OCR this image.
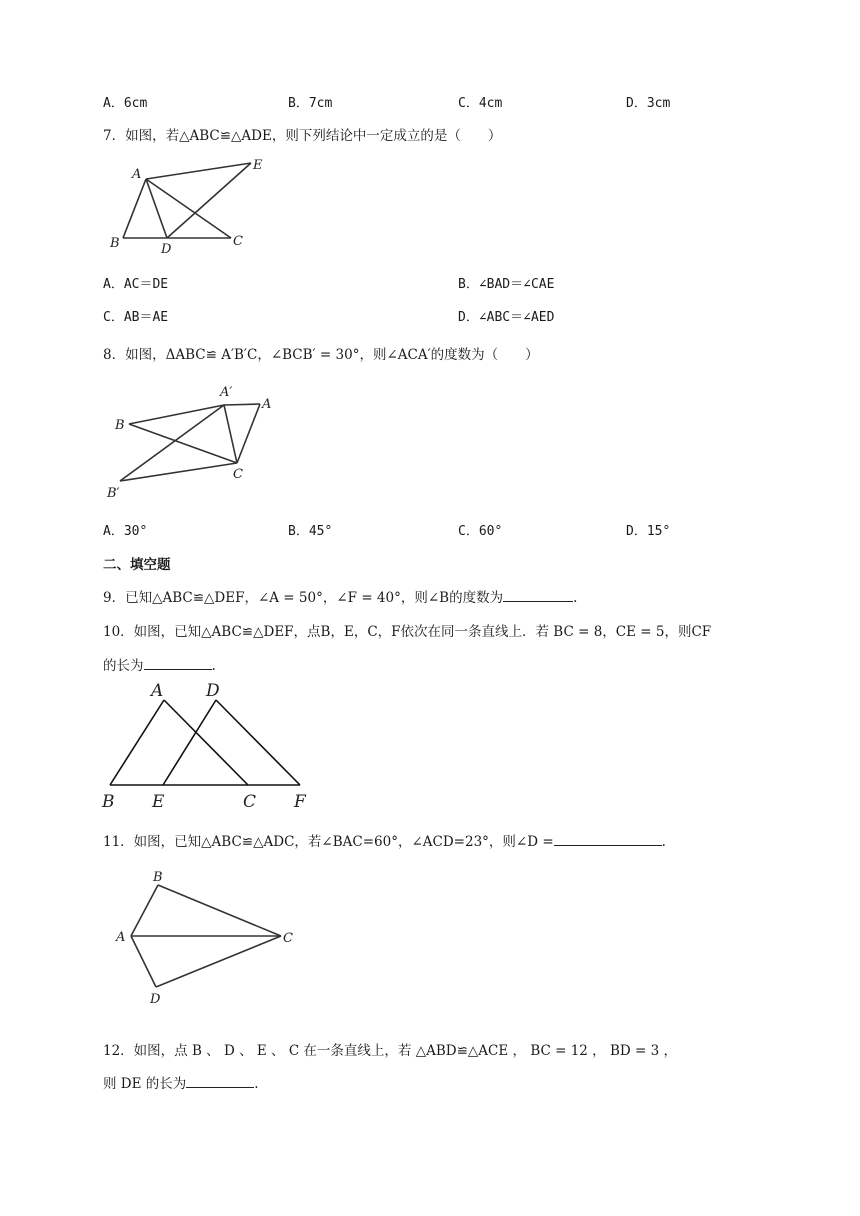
A．6cm	B．7cm	C．4cm	D．3cm
7．如图，若△ABC≌△ADE，则下列结论中一定成立的是（　　）
A
E
B	D
C
A．AC＝DE	B．∠BAD＝∠CAE
C．AB＝AE	D．∠ABC＝∠AED
8．如图，ΔABC≌ A′B′C，∠BCB′ = 30°，则∠ACA′的度数为（　　）
A′
A
B
C
B′
A．30°	B．45°	C．60°	D．15°
二、填空题
9．已知△ABC≌△DEF，∠A = 50°，∠F = 40°，则∠B的度数为	.
10．如图，已知△ABC≌△DEF，点B，E，C，F依次在同一条直线上．若 BC = 8，CE = 5，则CF
的长为	.
A	D
B E	C F
11．如图，已知△ABC≌△ADC，若∠BAC=60°，∠ACD=23°，则∠D =	.
B
A	C
D
12．如图，点 B 、 D 、 E 、 C 在一条直线上，若 △ABD≌△ACE ， BC = 12 ， BD = 3 ，
则 DE 的长为	.
